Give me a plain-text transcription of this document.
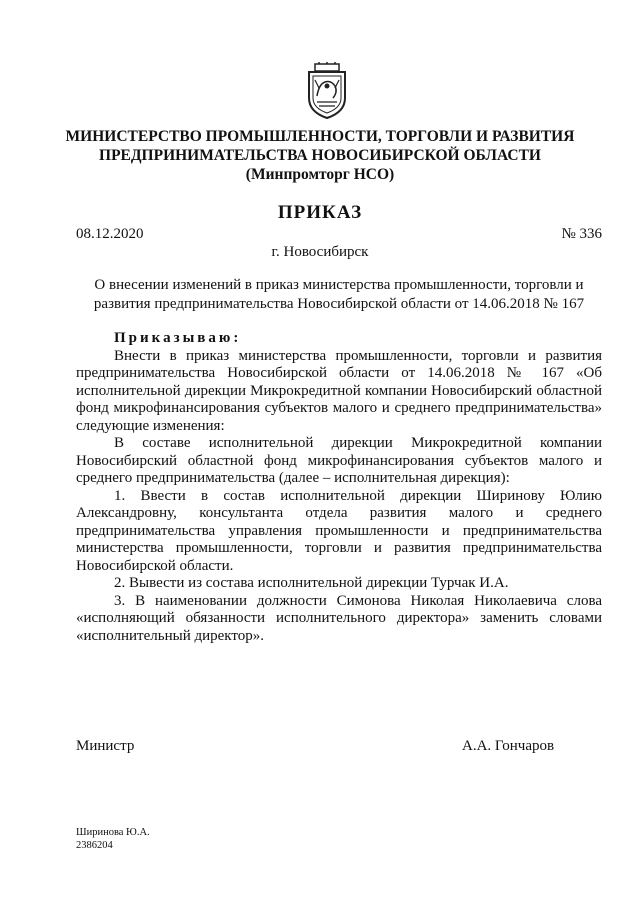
МИНИСТЕРСТВО ПРОМЫШЛЕННОСТИ, ТОРГОВЛИ И РАЗВИТИЯ
ПРЕДПРИНИМАТЕЛЬСТВА НОВОСИБИРСКОЙ ОБЛАСТИ
(Минпромторг НСО)
ПРИКАЗ
08.12.2020	№ 336
г. Новосибирск
О внесении изменений в приказ министерства промышленности, торговли и развития предпринимательства Новосибирской области от 14.06.2018 № 167

Приказываю:

Внести в приказ министерства промышленности, торговли и развития предпринимательства Новосибирской области от 14.06.2018 № 167 «Об исполнительной дирекции Микрокредитной компании Новосибирский областной фонд микрофинансирования субъектов малого и среднего предпринимательства» следующие изменения:

В составе исполнительной дирекции Микрокредитной компании Новосибирский областной фонд микрофинансирования субъектов малого и среднего предпринимательства (далее – исполнительная дирекция):

1. Ввести в состав исполнительной дирекции Ширинову Юлию Александровну, консультанта отдела развития малого и среднего предпринимательства управления промышленности и предпринимательства министерства промышленности, торговли и развития предпринимательства Новосибирской области.

2. Вывести из состава исполнительной дирекции Турчак И.А.

3. В наименовании должности Симонова Николая Николаевича слова «исполняющий обязанности исполнительного директора» заменить словами «исполнительный директор».

Министр	А.А. Гончаров
Ширинова Ю.А.
2386204
